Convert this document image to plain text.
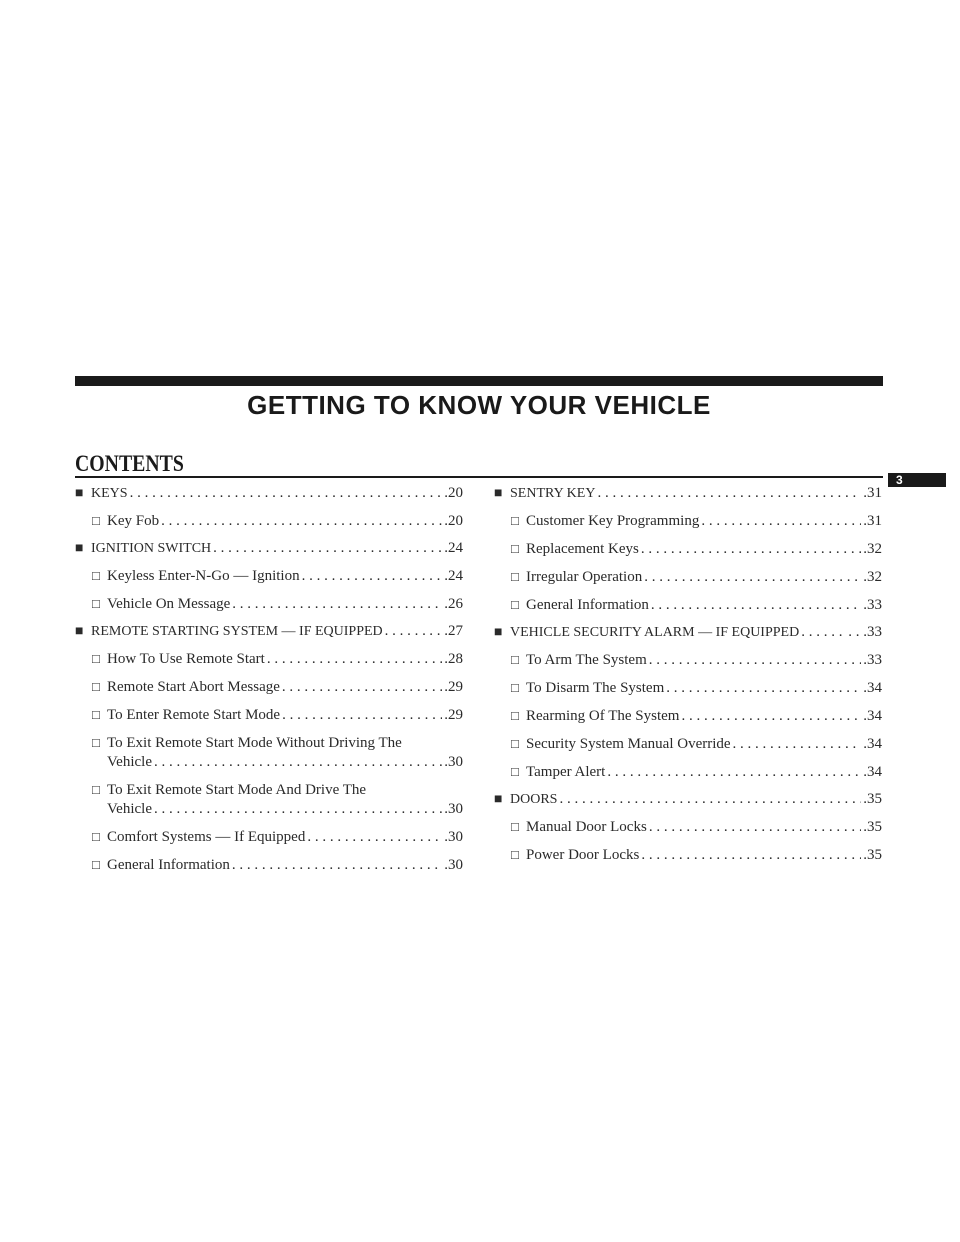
GETTING TO KNOW YOUR VEHICLE
CONTENTS
3
■ KEYS . . .	.20
□ Key Fob . . .	.20
■ IGNITION SWITCH . . .	.24
□ Keyless Enter-N-Go — Ignition . . .	.24
□ Vehicle On Message . . .	.26
■ REMOTE STARTING SYSTEM — IF EQUIPPED . . .	. . .27
□ How To Use Remote Start . . .	.28
□ Remote Start Abort Message . . .	.29
□ To Enter Remote Start Mode . . .	.29
□ To Exit Remote Start Mode Without Driving The
Vehicle . . .	.30
□ To Exit Remote Start Mode And Drive The
Vehicle . . .	.30
□ Comfort Systems — If Equipped . . .	.30
□ General Information . . .	.30
■ SENTRY KEY . . .	.31
□ Customer Key Programming . . .	.31
□ Replacement Keys . . .	.32
□ Irregular Operation . . .	.32
□ General Information . . .	.33
■ VEHICLE SECURITY ALARM — IF EQUIPPED . . .	. . .33
□ To Arm The System . . .	.33
□ To Disarm The System . . .	.34
□ Rearming Of The System . . .	.34
□ Security System Manual Override . . .	.34
□ Tamper Alert . . .	.34
■ DOORS . . .	.35
□ Manual Door Locks . . .	.35
□ Power Door Locks . . .	.35
